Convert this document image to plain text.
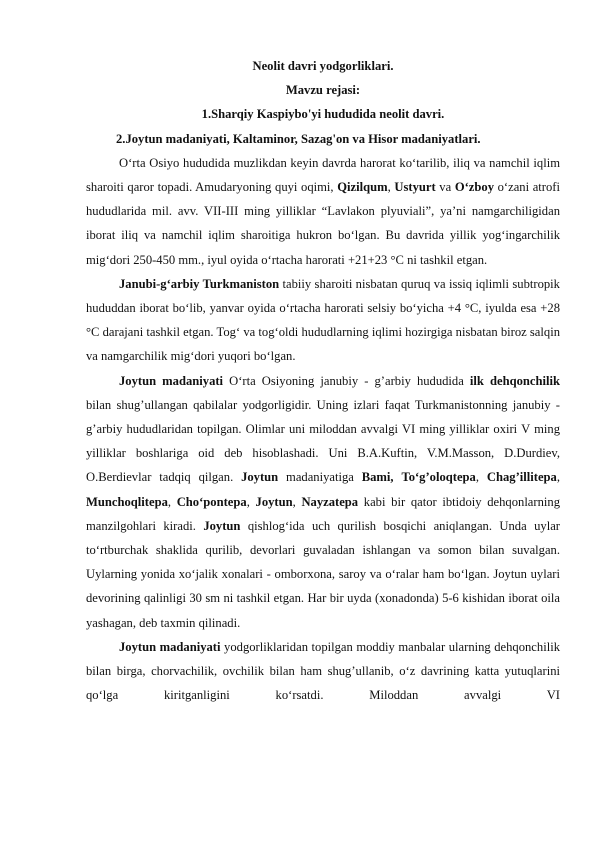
Neolit davri yodgorliklari.
Mavzu rejasi:
1.Sharqiy Kaspiybo'yi hududida neolit davri.
2.Joytun madaniyati, Kaltaminor, Sazag'on va Hisor madaniyatlari.

O‘rta Osiyo hududida muzlikdan keyin davrda harorat ko‘tarilib, iliq va namchil iqlim sharoiti qaror topadi. Amudaryoning quyi oqimi, Qizilqum, Ustyurt va O‘zboy o‘zani atrofi hududlarida mil. avv. VII-III ming yilliklar “Lavlakon plyuviali”, ya’ni namgarchiligidan iborat iliq va namchil iqlim sharoitiga hukron bo‘lgan. Bu davrida yillik yog‘ingarchilik mig‘dori 250-450 mm., iyul oyida o‘rtacha harorati +21+23 °C ni tashkil etgan.

Janubi-g‘arbiy Turkmaniston tabiiy sharoiti nisbatan quruq va issiq iqlimli subtropik hududdan iborat bo‘lib, yanvar oyida o‘rtacha harorati selsiy bo‘yicha +4 °C, iyulda esa +28 °C darajani tashkil etgan. Tog‘ va tog‘oldi hududlarning iqlimi hozirgiga nisbatan biroz salqin va namgarchilik mig‘dori yuqori bo‘lgan.

Joytun madaniyati O‘rta Osiyoning janubiy - g’arbiy hududida ilk dehqonchilik bilan shug’ullangan qabilalar yodgorligidir. Uning izlari faqat Turkmanistonning janubiy - g’arbiy hududlaridan topilgan. Olimlar uni miloddan avvalgi VI ming yilliklar oxiri V ming yilliklar boshlariga oid deb hisoblashadi. Uni B.A.Kuftin, V.M.Masson, D.Durdiev, O.Berdievlar tadqiq qilgan. Joytun madaniyatiga Bami, To‘g’oloqtepa, Chag’illitepa, Munchoqlitepa, Cho‘pontepa, Joytun, Nayzatepa kabi bir qator ibtidoiy dehqonlarning manzilgohlari kiradi. Joytun qishlog‘ida uch qurilish bosqichi aniqlangan. Unda uylar to‘rtburchak shaklida qurilib, devorlari guvaladan ishlangan va somon bilan suvalgan. Uylarning yonida xo‘jalik xonalari - omborxona, saroy va o‘ralar ham bo‘lgan. Joytun uylari devorining qalinligi 30 sm ni tashkil etgan. Har bir uyda (xonadonda) 5-6 kishidan iborat oila yashagan, deb taxmin qilinadi.

Joytun madaniyati yodgorliklaridan topilgan moddiy manbalar ularning dehqonchilik bilan birga, chorvachilik, ovchilik bilan ham shug’ullanib, o‘z davrining katta yutuqlarini qo‘lga kiritganligini ko‘rsatdi. Miloddan avvalgi VI
